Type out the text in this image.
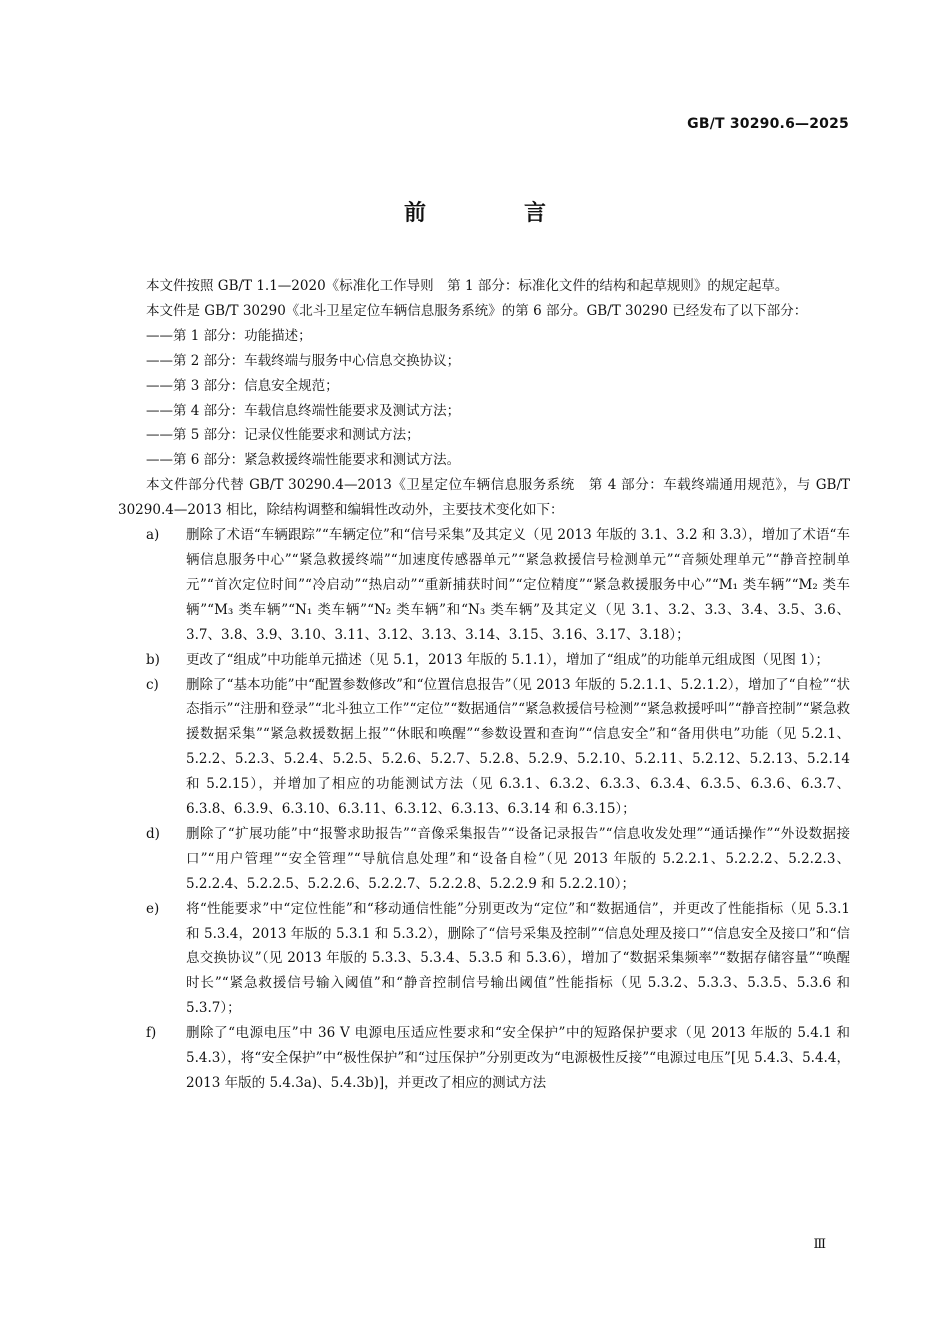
GB/T 30290.6—2025
前　言

本文件按照 GB/T 1.1—2020《标准化工作导则　第 1 部分：标准化文件的结构和起草规则》的规定起草。

本文件是 GB/T 30290《北斗卫星定位车辆信息服务系统》的第 6 部分。GB/T 30290 已经发布了以下部分：

——第 1 部分：功能描述；

——第 2 部分：车载终端与服务中心信息交换协议；

——第 3 部分：信息安全规范；

——第 4 部分：车载信息终端性能要求及测试方法；

——第 5 部分：记录仪性能要求和测试方法；

——第 6 部分：紧急救援终端性能要求和测试方法。

本文件部分代替 GB/T 30290.4—2013《卫星定位车辆信息服务系统　第 4 部分：车载终端通用规范》，与 GB/T 30290.4—2013 相比，除结构调整和编辑性改动外，主要技术变化如下：

a)	删除了术语“车辆跟踪”“车辆定位”和“信号采集”及其定义（见 2013 年版的 3.1、3.2 和 3.3），增加了术语“车辆信息服务中心”“紧急救援终端”“加速度传感器单元”“紧急救援信号检测单元”“音频处理单元”“静音控制单元”“首次定位时间”“冷启动”“热启动”“重新捕获时间”“定位精度”“紧急救援服务中心”“M₁ 类车辆”“M₂ 类车辆”“M₃ 类车辆”“N₁ 类车辆”“N₂ 类车辆”和“N₃ 类车辆”及其定义（见 3.1、3.2、3.3、3.4、3.5、3.6、3.7、3.8、3.9、3.10、3.11、3.12、3.13、3.14、3.15、3.16、3.17、3.18）；
b)	更改了“组成”中功能单元描述（见 5.1，2013 年版的 5.1.1），增加了“组成”的功能单元组成图（见图 1）；
c)	删除了“基本功能”中“配置参数修改”和“位置信息报告”（见 2013 年版的 5.2.1.1、5.2.1.2），增加了“自检”“状态指示”“注册和登录”“北斗独立工作”“定位”“数据通信”“紧急救援信号检测”“紧急救援呼叫”“静音控制”“紧急救援数据采集”“紧急救援数据上报”“休眠和唤醒”“参数设置和查询”“信息安全”和“备用供电”功能（见 5.2.1、5.2.2、5.2.3、5.2.4、5.2.5、5.2.6、5.2.7、5.2.8、5.2.9、5.2.10、5.2.11、5.2.12、5.2.13、5.2.14 和 5.2.15），并增加了相应的功能测试方法（见 6.3.1、6.3.2、6.3.3、6.3.4、6.3.5、6.3.6、6.3.7、6.3.8、6.3.9、6.3.10、6.3.11、6.3.12、6.3.13、6.3.14 和 6.3.15）；
d)	删除了“扩展功能”中“报警求助报告”“音像采集报告”“设备记录报告”“信息收发处理”“通话操作”“外设数据接口”“用户管理”“安全管理”“导航信息处理”和“设备自检”（见 2013 年版的 5.2.2.1、5.2.2.2、5.2.2.3、5.2.2.4、5.2.2.5、5.2.2.6、5.2.2.7、5.2.2.8、5.2.2.9 和 5.2.2.10）；
e)	将“性能要求”中“定位性能”和“移动通信性能”分别更改为“定位”和“数据通信”，并更改了性能指标（见 5.3.1 和 5.3.4，2013 年版的 5.3.1 和 5.3.2），删除了“信号采集及控制”“信息处理及接口”“信息安全及接口”和“信息交换协议”（见 2013 年版的 5.3.3、5.3.4、5.3.5 和 5.3.6），增加了“数据采集频率”“数据存储容量”“唤醒时长”“紧急救援信号输入阈值”和“静音控制信号输出阈值”性能指标（见 5.3.2、5.3.3、5.3.5、5.3.6 和 5.3.7）；
f)	删除了“电源电压”中 36 V 电源电压适应性要求和“安全保护”中的短路保护要求（见 2013 年版的 5.4.1 和 5.4.3），将“安全保护”中“极性保护”和“过压保护”分别更改为“电源极性反接”“电源过电压”[见 5.4.3、5.4.4，2013 年版的 5.4.3a)、5.4.3b)]，并更改了相应的测试方法
Ⅲ
